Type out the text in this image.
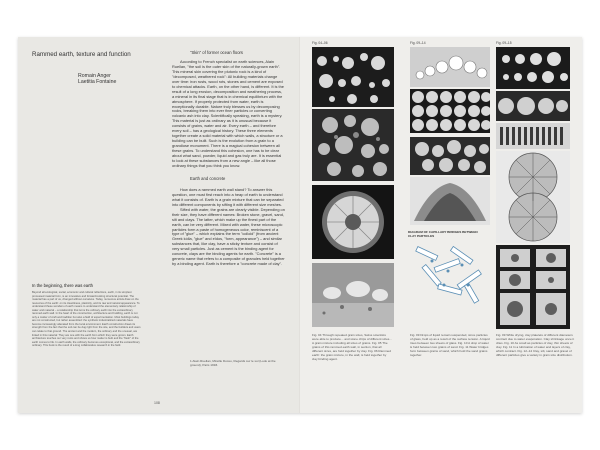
Rammed earth, texture and function
Romain Anger
Laetitia Fontaine
"Skin" of former ocean floors

According to French specialist on earth sciences, Alain Ruellan, "the soil is the outer skin of the naturally-grown earth". This mineral skin covering the plutonic rock is a kind of "decomposed, weathered rock": All building materials change over time: iron rusts, wood rots, stones and cement are exposed to chemical attacks. Earth, on the other hand, is different. It is the result of a long erosion, decomposition and weathering process, a mineral in its final stage that is in chemical equilibrium with the atmosphere. If properly protected from water, earth is exceptionally durable. Nature truly blesses us by decomposing rocks, breaking them into ever finer particles or converting volcanic ash into clay. Scientifically speaking, earth is a mystery. This material is just as ordinary as it is unusual because it consists of grains, water and air. Every earth – and therefore every soil – has a geological history. These three elements together create a solid material with which walls, a structure or a building can be built. Such is the evolution from a grain to a grandiose monument. There is a magical cohesion between all these grains. To understand this cohesion, one has to be clear about what sand, powder, liquid and gas truly are. It is essential to look at these substances from a new angle – like all those ordinary things that you think you know.

Earth and concrete

How does a rammed earth wall stand? To answer this question, one must first reach into a heap of earth to understand what it consists of. Earth is a grain mixture that can be separated into different components by sifting it with different size meshes.

Sifted with water, the grains are clearly visible. Depending on their size, they have different names: Broken stone, gravel, sand, silt and clays. The latter, which make up the finest part of the earth, can be very different. Mixed with water, these microscopic particles form a paste of homogeneous color, reminiscent of a type of "glue" – which explains the term "colloid" (from ancient Greek kólla, "glue" and eîdos, "form, appearance") – and similar substances that, like clay, have a sticky texture and consist of very small particles. Just as cement is the binding agent for concrete, clays are the binding agents for earth. "Concrete" is a generic name that refers to a composite of granules held together by a binding agent. Earth is therefore a "concrete made of clay".

In the beginning, there was earth
Beyond all ecological, social, economic and cultural reflections, earth, in its simplest processed material form, is an innovative and forward-looking structural potential. The material has a part of us, changed without ourselves. Today, numerous artists draw on the resources of the earth: on its cleanliness, plasticity, and its raw and natural appearance. To understand these wonders of earth means to understand the elementary relationship of water and material – a relationship that turns the ordinary earth into the extraordinary rammed earth wall. In the heart of the construction, architecture and building, earth is not only a matter of craft and tradition but also a field of experimentation. Most buildings today are not constructed, but rather assembled: the synthetic industrialized materials have become increasingly alienated from the local environment. Earth construction draws its strength from the fact that the soil can be dug right from the site, and the builders and users can relate to that ground. The ancient and the modern, the ordinary and the unusual, are linked in this material: They are one with the earth from which they were grown. Earth architecture touches our very roots and shows us how matter is built and the "flesh" of the earth comes to life. In earth walls, the ordinary becomes exceptional, and the extraordinary ordinary. This book is the result of a long collaborative research in the field.
1 Alain Ruellan, Mireille Dosso, Regards sur le sol (Look at the ground), Paris 1993.
108
Fig. 04–06	Fig. 09–14	Fig. 09–15
DIAGRAM OF CAPILLARY BRIDGES BETWEEN CLAY PARTICLES
Fig. 04 Through repeated grain sizes, Swiss scientists were able to produce... and stone chips of different sizes... A grain mixture including all sizes of grains. Fig. 05 The grains of this rammed earth wall, in section, that all different sizes, are held together by clay. Fig. 06 Rammed earth: the grain mixture, in the wall, is held together by clay binding agent.
Fig. 09 Drops of liquid remain suspended, since particles of glass, held up as a result of the surface tension. A liquid rises between two sheets of glass. Fig. 10 A drop of water is held between two grains of sand. Fig. 11 Water bridges form between grains of sand, which hold the sand grains together.
Fig. 09 While drying, clay platelets of different diameters contract due to water evaporation. Clay shrinkage once it dries. Fig. 10 As small as particles of clay, thin sheets of clay. Fig. 11 In a lubrication of water and layers of clay, which contract. Fig. 12–14 Clay, silt, sand and gravel of different particles give a variety in grain size distribution.
